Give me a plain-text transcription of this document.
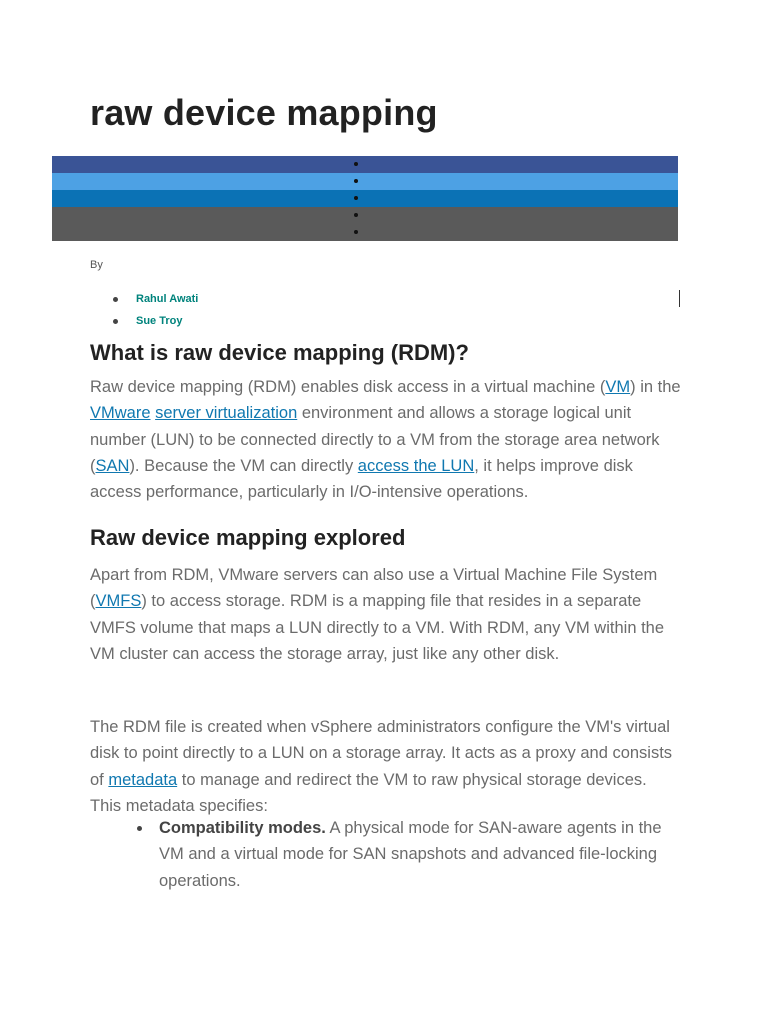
raw device mapping
By
Rahul Awati
Sue Troy
What is raw device mapping (RDM)?

Raw device mapping (RDM) enables disk access in a virtual machine (VM) in the VMware server virtualization environment and allows a storage logical unit number (LUN) to be connected directly to a VM from the storage area network (SAN). Because the VM can directly access the LUN, it helps improve disk access performance, particularly in I/O-intensive operations.

Raw device mapping explored

Apart from RDM, VMware servers can also use a Virtual Machine File System (VMFS) to access storage. RDM is a mapping file that resides in a separate VMFS volume that maps a LUN directly to a VM. With RDM, any VM within the VM cluster can access the storage array, just like any other disk.

The RDM file is created when vSphere administrators configure the VM's virtual disk to point directly to a LUN on a storage array. It acts as a proxy and consists of metadata to manage and redirect the VM to raw physical storage devices. This metadata specifies:

Compatibility modes. A physical mode for SAN-aware agents in the VM and a virtual mode for SAN snapshots and advanced file-locking operations.
